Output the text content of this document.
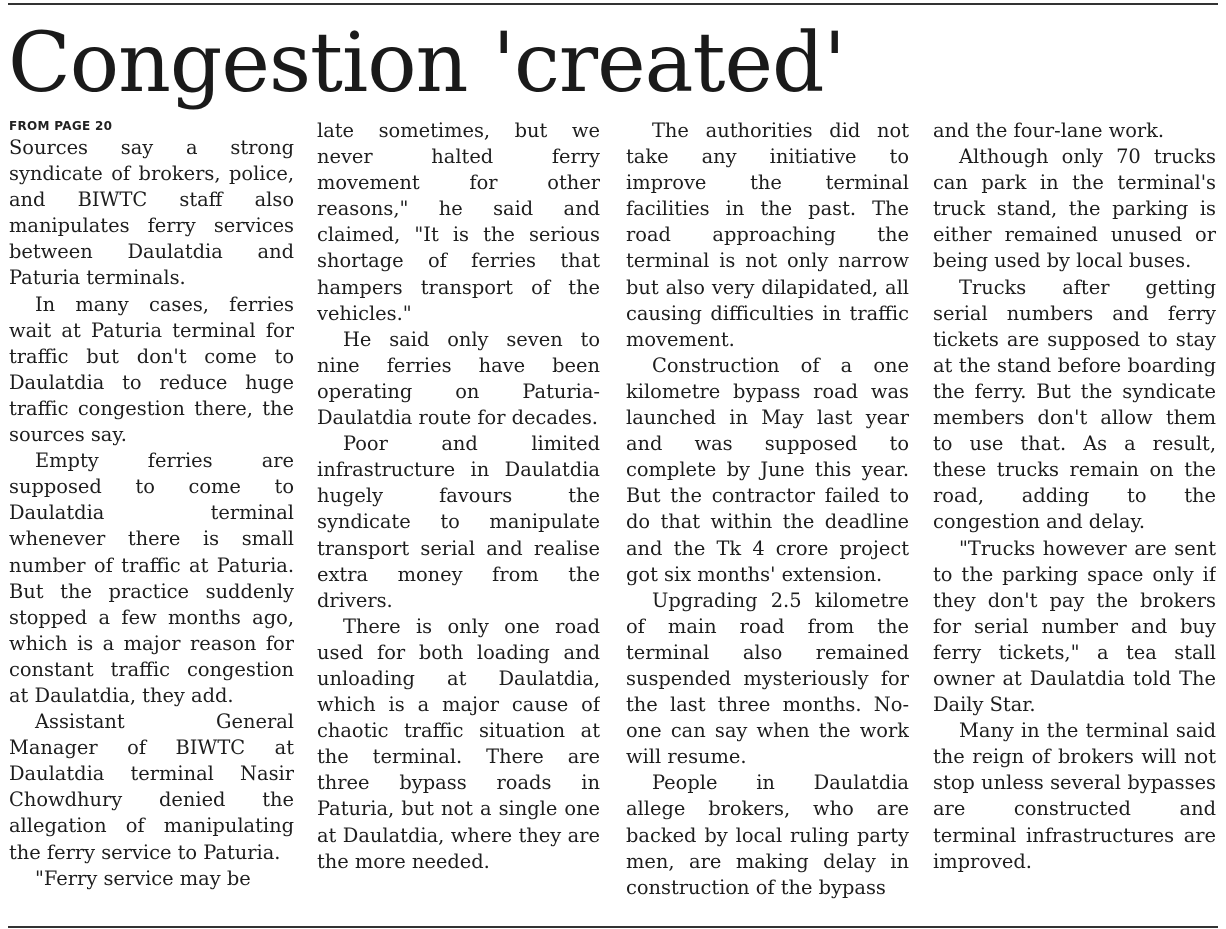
Congestion 'created'
FROM PAGE 20

Sources say a strong syndicate of brokers, police, and BIWTC staff also manipulates ferry services between Daulatdia and Paturia terminals.

In many cases, ferries wait at Paturia terminal for traffic but don't come to Daulatdia to reduce huge traffic congestion there, the sources say.

Empty ferries are supposed to come to Daulatdia terminal whenever there is small number of traffic at Paturia. But the practice suddenly stopped a few months ago, which is a major reason for constant traffic congestion at Daulatdia, they add.

Assistant General Manager of BIWTC at Daulatdia terminal Nasir Chowdhury denied the allegation of manipulating the ferry service to Paturia.

"Ferry service may be

late sometimes, but we never halted ferry movement for other reasons," he said and claimed, "It is the serious shortage of ferries that hampers transport of the vehicles."

He said only seven to nine ferries have been operating on Paturia-Daulatdia route for decades.

Poor and limited infrastructure in Daulatdia hugely favours the syndicate to manipulate transport serial and realise extra money from the drivers.

There is only one road used for both loading and unloading at Daulatdia, which is a major cause of chaotic traffic situation at the terminal. There are three bypass roads in Paturia, but not a single one at Daulatdia, where they are the more needed.

The authorities did not take any initiative to improve the terminal facilities in the past. The road approaching the terminal is not only narrow but also very dilapidated, all causing difficulties in traffic movement.

Construction of a one kilometre bypass road was launched in May last year and was supposed to complete by June this year. But the contractor failed to do that within the deadline and the Tk 4 crore project got six months' extension.

Upgrading 2.5 kilometre of main road from the terminal also remained suspended mysteriously for the last three months. No-one can say when the work will resume.

People in Daulatdia allege brokers, who are backed by local ruling party men, are making delay in construction of the bypass

and the four-lane work.

Although only 70 trucks can park in the terminal's truck stand, the parking is either remained unused or being used by local buses.

Trucks after getting serial numbers and ferry tickets are supposed to stay at the stand before boarding the ferry. But the syndicate members don't allow them to use that. As a result, these trucks remain on the road, adding to the congestion and delay.

"Trucks however are sent to the parking space only if they don't pay the brokers for serial number and buy ferry tickets," a tea stall owner at Daulatdia told The Daily Star.

Many in the terminal said the reign of brokers will not stop unless several bypasses are constructed and terminal infrastructures are improved.
